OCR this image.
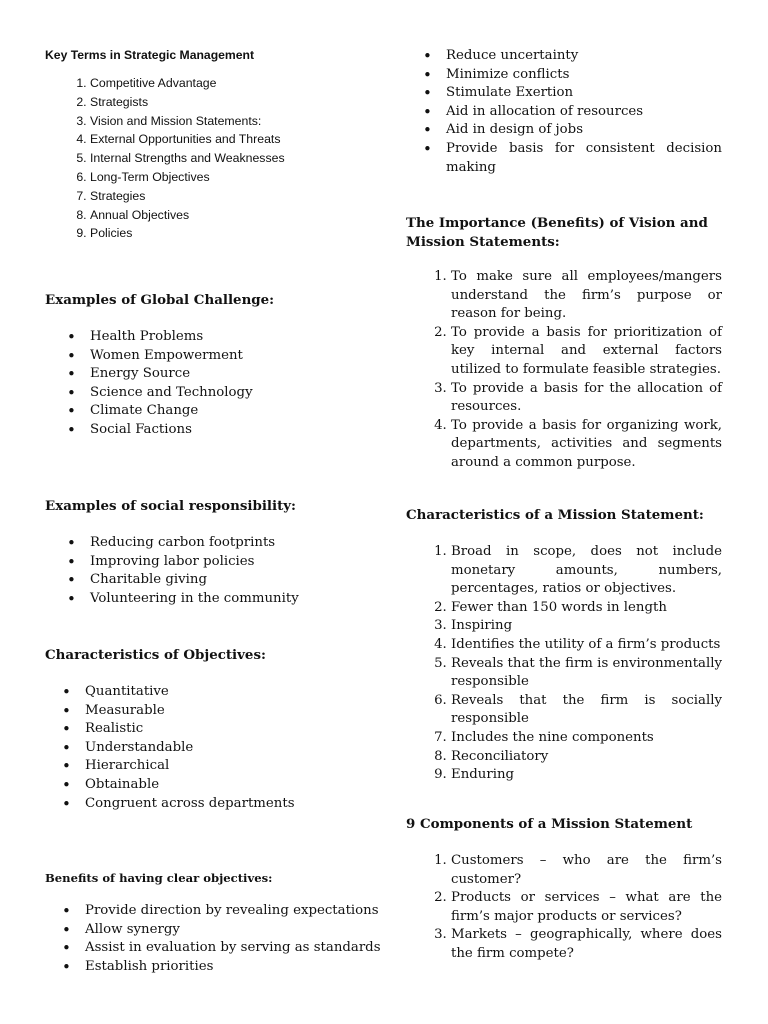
Key Terms in Strategic Management
1. Competitive Advantage
2. Strategists
3. Vision and Mission Statements:
4. External Opportunities and Threats
5. Internal Strengths and Weaknesses
6. Long-Term Objectives
7. Strategies
8. Annual Objectives
9. Policies
Examples of Global Challenge:
• Health Problems
• Women Empowerment
• Energy Source
• Science and Technology
• Climate Change
• Social Factions
Examples of social responsibility:
• Reducing carbon footprints
• Improving labor policies
• Charitable giving
• Volunteering in the community
Characteristics of Objectives:
• Quantitative
• Measurable
• Realistic
• Understandable
• Hierarchical
• Obtainable
• Congruent across departments
Benefits of having clear objectives:
• Provide direction by revealing expectations
• Allow synergy
• Assist in evaluation by serving as standards
• Establish priorities
• Reduce uncertainty
• Minimize conflicts
• Stimulate Exertion
• Aid in allocation of resources
• Aid in design of jobs
• Provide basis for consistent decision making
The Importance (Benefits) of Vision and
Mission Statements:
1. To make sure all employees/mangers understand the firm’s purpose or reason for being.
2. To provide a basis for prioritization of key internal and external factors utilized to formulate feasible strategies.
3. To provide a basis for the allocation of resources.
4. To provide a basis for organizing work, departments, activities and segments around a common purpose.
Characteristics of a Mission Statement:
1. Broad in scope, does not include monetary amounts, numbers, percentages, ratios or objectives.
2. Fewer than 150 words in length
3. Inspiring
4. Identifies the utility of a firm’s products
5. Reveals that the firm is environmentally responsible
6. Reveals that the firm is socially responsible
7. Includes the nine components
8. Reconciliatory
9. Enduring
9 Components of a Mission Statement
1. Customers – who are the firm’s customer?
2. Products or services – what are the firm’s major products or services?
3. Markets – geographically, where does the firm compete?
